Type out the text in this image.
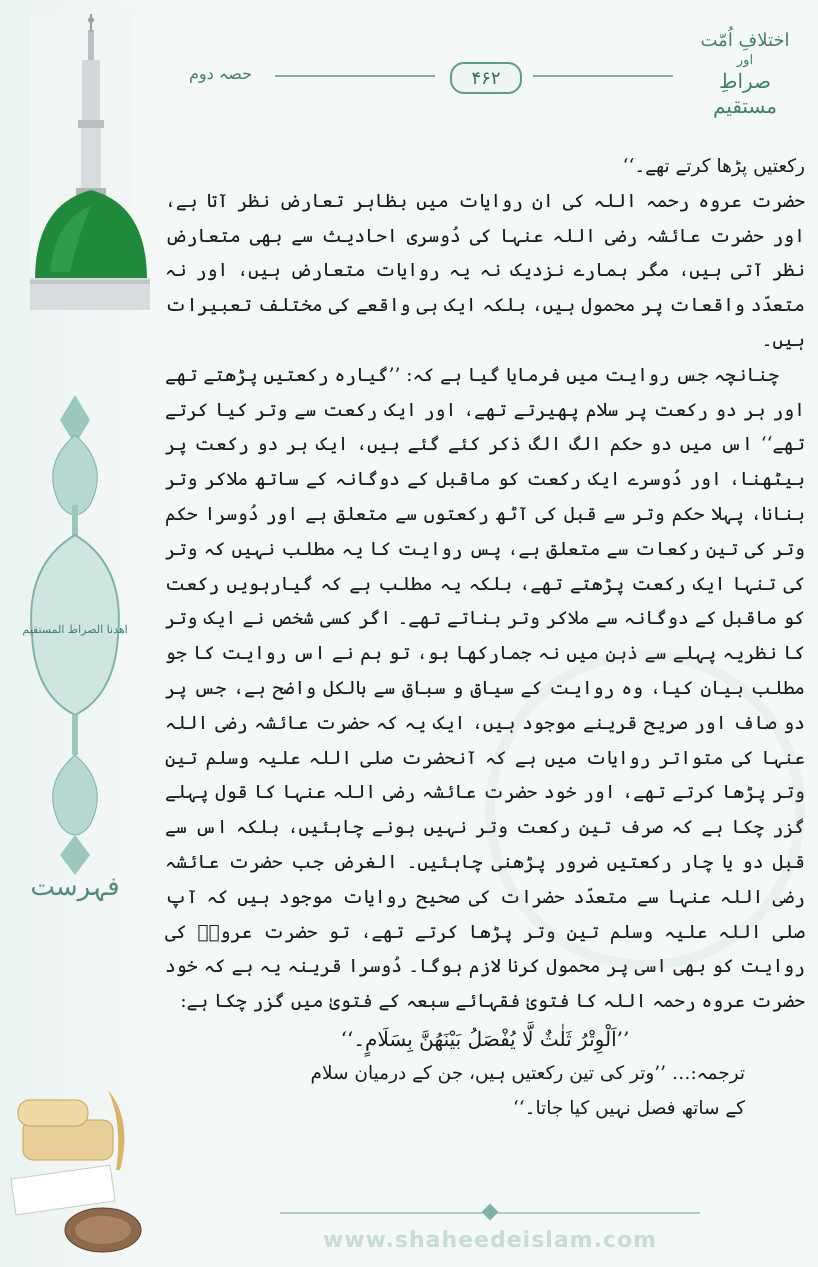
اھدنا الصراط المستقیم
فہرست
حصہ دوم	۴۶۲
اختلافِ اُمّت
اور
صراطِ مستقیم

رکعتیں پڑھا کرتے تھے۔‘‘

حضرت عروہ رحمہ اللہ کی ان روایات میں بظاہر تعارض نظر آتا ہے، اور حضرت عائشہ رضی اللہ عنہا کی دُوسری احادیث سے بھی متعارض نظر آتی ہیں، مگر ہمارے نزدیک نہ یہ روایات متعارض ہیں، اور نہ متعدّد واقعات پر محمول ہیں، بلکہ ایک ہی واقعے کی مختلف تعبیرات ہیں۔

چنانچہ جس روایت میں فرمایا گیا ہے کہ: ’’گیارہ رکعتیں پڑھتے تھے اور ہر دو رکعت پر سلام پھیرتے تھے، اور ایک رکعت سے وتر کیا کرتے تھے‘‘ اس میں دو حکم الگ الگ ذکر کئے گئے ہیں، ایک ہر دو رکعت پر بیٹھنا، اور دُوسرے ایک رکعت کو ماقبل کے دوگانہ کے ساتھ ملاکر وتر بنانا، پہلا حکم وتر سے قبل کی آٹھ رکعتوں سے متعلق ہے اور دُوسرا حکم وتر کی تین رکعات سے متعلق ہے، پس روایت کا یہ مطلب نہیں کہ وتر کی تنہا ایک رکعت پڑھتے تھے، بلکہ یہ مطلب ہے کہ گیارہویں رکعت کو ماقبل کے دوگانہ سے ملاکر وتر بناتے تھے۔ اگر کسی شخص نے ایک وتر کا نظریہ پہلے سے ذہن میں نہ جمارکھا ہو، تو ہم نے اس روایت کا جو مطلب بیان کیا، وہ روایت کے سیاق و سباق سے بالکل واضح ہے، جس پر دو صاف اور صریح قرینے موجود ہیں، ایک یہ کہ حضرت عائشہ رضی اللہ عنہا کی متواتر روایات میں ہے کہ آنحضرت صلی اللہ علیہ وسلم تین وتر پڑھا کرتے تھے، اور خود حضرت عائشہ رضی اللہ عنہا کا قول پہلے گزر چکا ہے کہ صرف تین رکعت وتر نہیں ہونے چاہئیں، بلکہ اس سے قبل دو یا چار رکعتیں ضرور پڑھنی چاہئیں۔ الغرض جب حضرت عائشہ رضی اللہ عنہا سے متعدّد حضرات کی صحیح روایات موجود ہیں کہ آپ صلی اللہ علیہ وسلم تین وتر پڑھا کرتے تھے، تو حضرت عروہؒ کی روایت کو بھی اسی پر محمول کرنا لازم ہوگا۔ دُوسرا قرینہ یہ ہے کہ خود حضرت عروہ رحمہ اللہ کا فتویٰ فقہائے سبعہ کے فتویٰ میں گزر چکا ہے:

’’اَلْوِتْرُ ثَلٰثٌ لَّا يُفْصَلُ بَيْنَهُنَّ بِسَلَامٍ۔‘‘

ترجمہ:… ’’وتر کی تین رکعتیں ہیں، جن کے درمیان سلام

کے ساتھ فصل نہیں کیا جاتا۔‘‘

www.shaheedeislam.com
